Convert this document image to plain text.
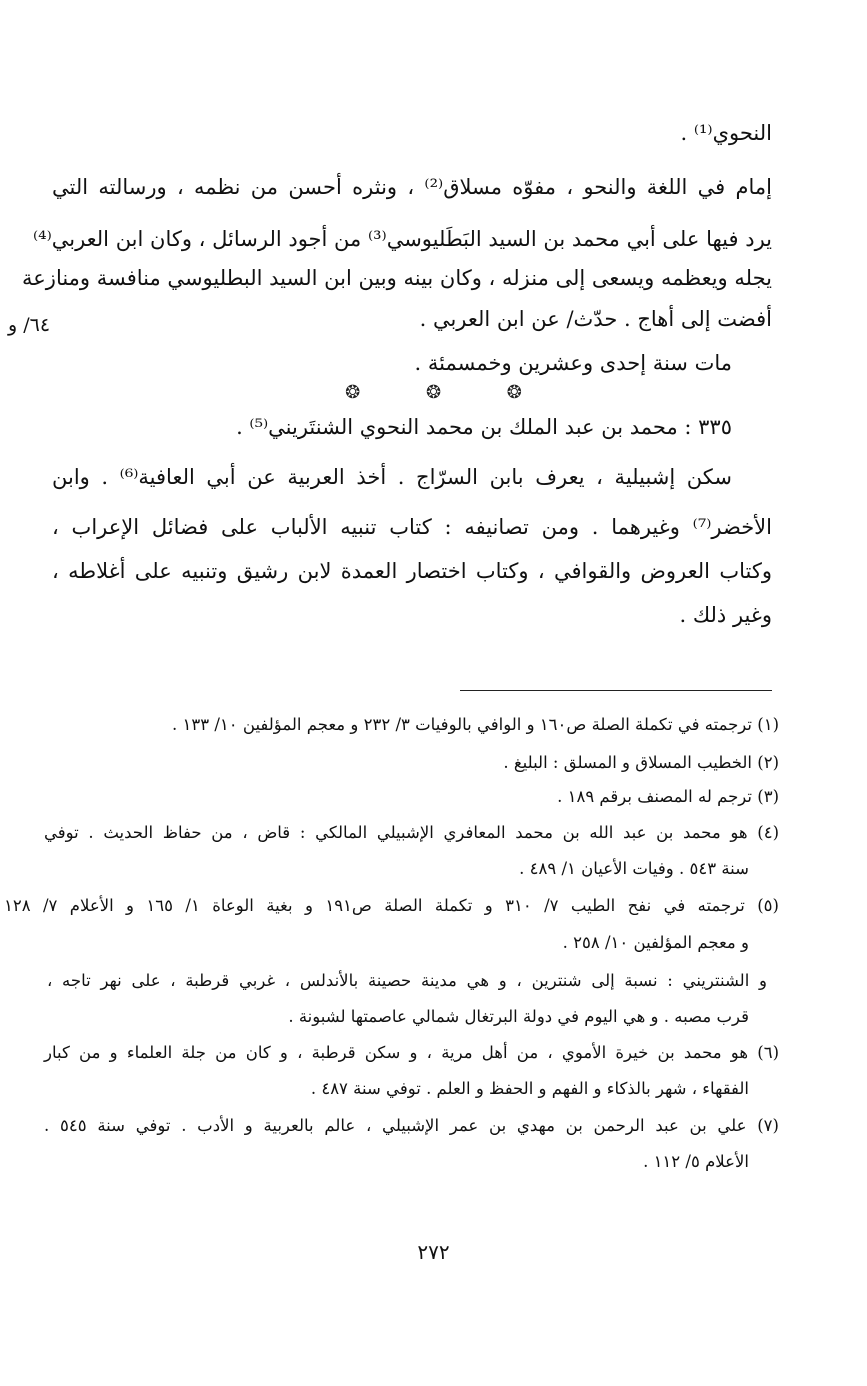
النحوي⁽¹⁾ .

إمام في اللغة والنحو ، مفوّه مسلاق⁽²⁾ ، ونثره أحسن من نظمه ، ورسالته التي

يرد فيها على أبي محمد بن السيد البَطَليوسي⁽³⁾ من أجود الرسائل ، وكان ابن العربي⁽⁴⁾

يجله ويعظمه ويسعى إلى منزله ، وكان بينه وبين ابن السيد البطليوسي منافسة ومنازعة

أفضت إلى أهاج . حدّث/ عن ابن العربي .

٦٤/ و

مات سنة إحدى وعشرين وخمسمئة .

❂ ❂ ❂

٣٣٥ : محمد بن عبد الملك بن محمد النحوي الشنتَريني⁽⁵⁾ .

سكن إشبيلية ، يعرف بابن السرّاج . أخذ العربية عن أبي العافية⁽⁶⁾ . وابن

الأخضر⁽⁷⁾ وغيرهما . ومن تصانيفه : كتاب تنبيه الألباب على فضائل الإعراب ،

وكتاب العروض والقوافي ، وكتاب اختصار العمدة لابن رشيق وتنبيه على أغلاطه ،

وغير ذلك .

(١) ترجمته في تكملة الصلة ص١٦٠ و الوافي بالوفيات ٣/ ٢٣٢ و معجم المؤلفين ١٠/ ١٣٣ .

(٢) الخطيب المسلاق و المسلق : البليغ .

(٣) ترجم له المصنف برقم ١٨٩ .

(٤) هو محمد بن عبد الله بن محمد المعافري الإشبيلي المالكي : قاض ، من حفاظ الحديث . توفي

سنة ٥٤٣ . وفيات الأعيان ١/ ٤٨٩ .

(٥) ترجمته في نفح الطيب ٧/ ٣١٠ و تكملة الصلة ص١٩١ و بغية الوعاة ١/ ١٦٥ و الأعلام ٧/ ١٢٨

و معجم المؤلفين ١٠/ ٢٥٨ .

و الشنتريني : نسبة إلى شنترين ، و هي مدينة حصينة بالأندلس ، غربي قرطبة ، على نهر تاجه ،

قرب مصبه . و هي اليوم في دولة البرتغال شمالي عاصمتها لشبونة .

(٦) هو محمد بن خيرة الأموي ، من أهل مرية ، و سكن قرطبة ، و كان من جلة العلماء و من كبار

الفقهاء ، شهر بالذكاء و الفهم و الحفظ و العلم . توفي سنة ٤٨٧ .

(٧) علي بن عبد الرحمن بن مهدي بن عمر الإشبيلي ، عالم بالعربية و الأدب . توفي سنة ٥٤٥ .

الأعلام ٥/ ١١٢ .

٢٧٢
